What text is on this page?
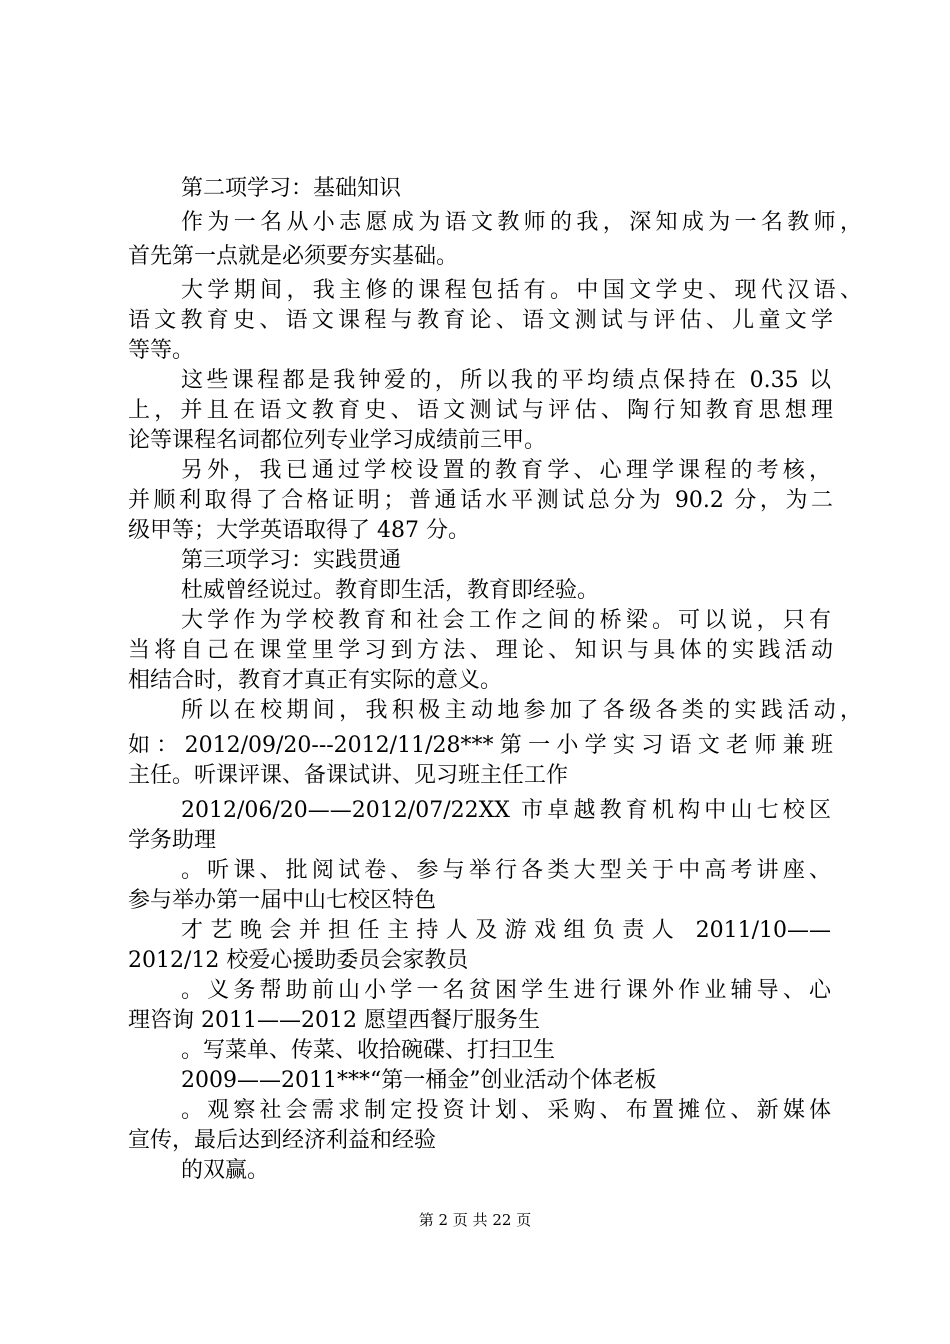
第二项学习：基础知识
作为一名从小志愿成为语文教师的我，深知成为一名教师，
首先第一点就是必须要夯实基础。
大学期间，我主修的课程包括有。中国文学史、现代汉语、
语文教育史、语文课程与教育论、语文测试与评估、儿童文学
等等。
这些课程都是我钟爱的，所以我的平均绩点保持在 0.35 以
上，并且在语文教育史、语文测试与评估、陶行知教育思想理
论等课程名词都位列专业学习成绩前三甲。
另外，我已通过学校设置的教育学、心理学课程的考核，
并顺利取得了合格证明；普通话水平测试总分为 90.2 分，为二
级甲等；大学英语取得了 487 分。
第三项学习：实践贯通
杜威曾经说过。教育即生活，教育即经验。
大学作为学校教育和社会工作之间的桥梁。可以说，只有
当将自己在课堂里学习到方法、理论、知识与具体的实践活动
相结合时，教育才真正有实际的意义。
所以在校期间，我积极主动地参加了各级各类的实践活动，
如：2012/09/20---2012/11/28***第一小学实习语文老师兼班
主任。听课评课、备课试讲、见习班主任工作
2012/06/20——2012/07/22XX 市卓越教育机构中山七校区
学务助理
。听课、批阅试卷、参与举行各类大型关于中高考讲座、
参与举办第一届中山七校区特色
才艺晚会并担任主持人及游戏组负责人 2011/10——
2012/12 校爱心援助委员会家教员
。义务帮助前山小学一名贫困学生进行课外作业辅导、心
理咨询 2011——2012 愿望西餐厅服务生
。写菜单、传菜、收拾碗碟、打扫卫生
2009——2011***“第一桶金”创业活动个体老板
。观察社会需求制定投资计划、采购、布置摊位、新媒体
宣传，最后达到经济利益和经验
的双赢。
第 2 页 共 22 页
